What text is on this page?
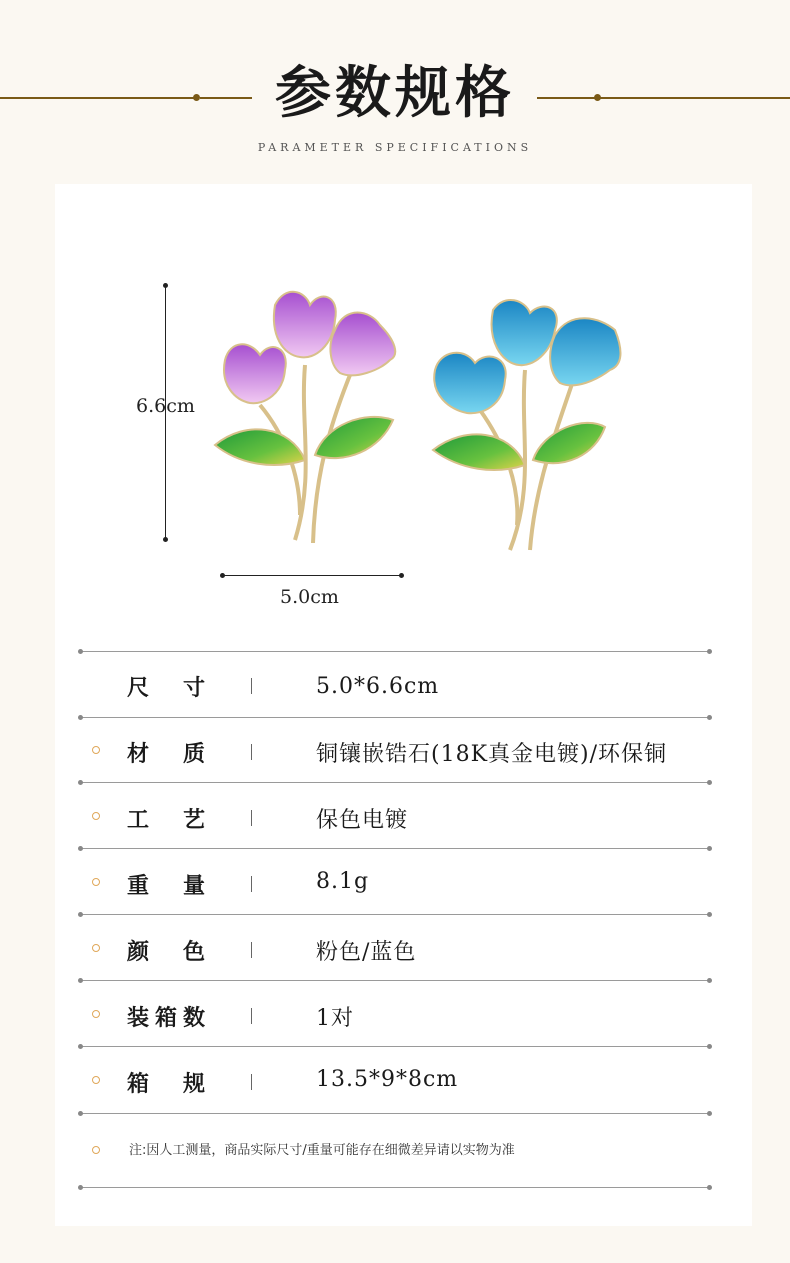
参数规格
PARAMETER SPECIFICATIONS
6.6cm
5.0cm
尺寸	5.0*6.6cm
材质	铜镶嵌锆石(18K真金电镀)/环保铜
工艺	保色电镀
重量	8.1g
颜色	粉色/蓝色
装箱数	1对
箱规	13.5*9*8cm
注:因人工测量，商品实际尺寸/重量可能存在细微差异请以实物为准
